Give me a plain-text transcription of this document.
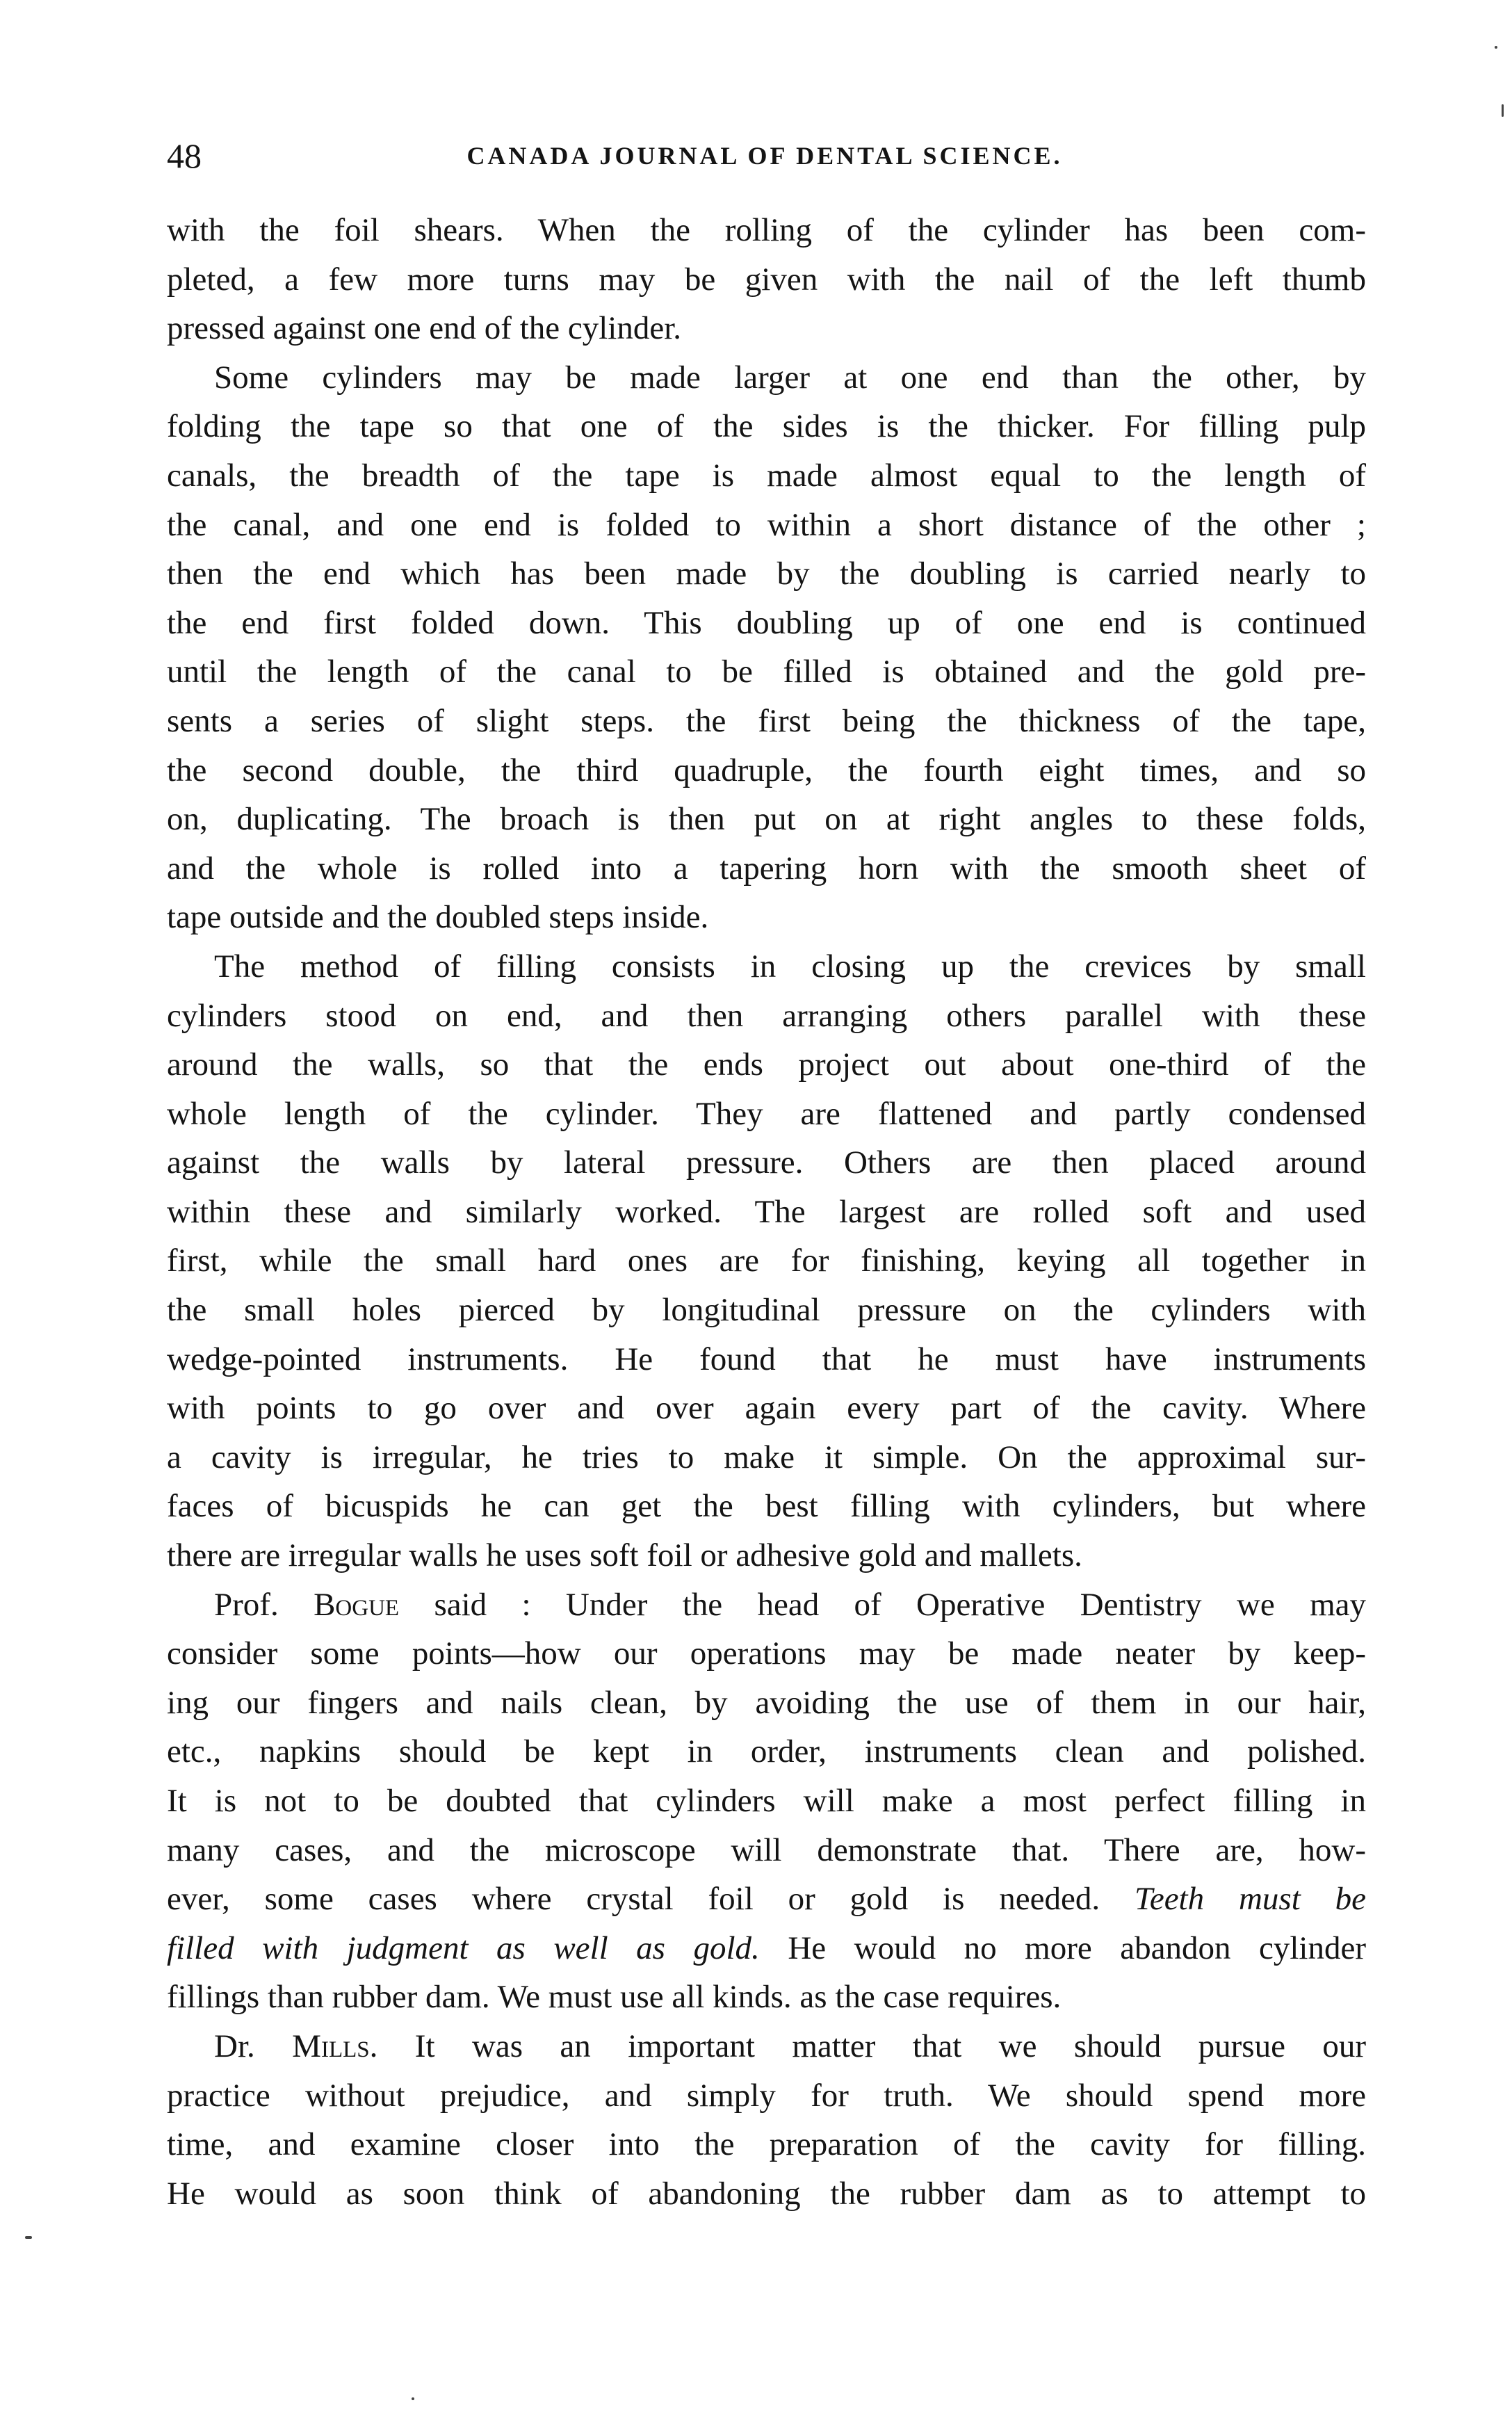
48	CANADA JOURNAL OF DENTAL SCIENCE.
with the foil shears. When the rolling of the cylinder has been com-
pleted, a few more turns may be given with the nail of the left thumb
pressed against one end of the cylinder.
Some cylinders may be made larger at one end than the other, by
folding the tape so that one of the sides is the thicker. For filling pulp
canals, the breadth of the tape is made almost equal to the length of
the canal, and one end is folded to within a short distance of the other ;
then the end which has been made by the doubling is carried nearly to
the end first folded down. This doubling up of one end is continued
until the length of the canal to be filled is obtained and the gold pre-
sents a series of slight steps. the first being the thickness of the tape,
the second double, the third quadruple, the fourth eight times, and so
on, duplicating. The broach is then put on at right angles to these folds,
and the whole is rolled into a tapering horn with the smooth sheet of
tape outside and the doubled steps inside.
The method of filling consists in closing up the crevices by small
cylinders stood on end, and then arranging others parallel with these
around the walls, so that the ends project out about one-third of the
whole length of the cylinder. They are flattened and partly condensed
against the walls by lateral pressure. Others are then placed around
within these and similarly worked. The largest are rolled soft and used
first, while the small hard ones are for finishing, keying all together in
the small holes pierced by longitudinal pressure on the cylinders with
wedge-pointed instruments. He found that he must have instruments
with points to go over and over again every part of the cavity. Where
a cavity is irregular, he tries to make it simple. On the approximal sur-
faces of bicuspids he can get the best filling with cylinders, but where
there are irregular walls he uses soft foil or adhesive gold and mallets.
Prof. Bogue said : Under the head of Operative Dentistry we may
consider some points—how our operations may be made neater by keep-
ing our fingers and nails clean, by avoiding the use of them in our hair,
etc., napkins should be kept in order, instruments clean and polished.
It is not to be doubted that cylinders will make a most perfect filling in
many cases, and the microscope will demonstrate that. There are, how-
ever, some cases where crystal foil or gold is needed. Teeth must be
filled with judgment as well as gold. He would no more abandon cylinder
fillings than rubber dam. We must use all kinds. as the case requires.
Dr. Mills. It was an important matter that we should pursue our
practice without prejudice, and simply for truth. We should spend more
time, and examine closer into the preparation of the cavity for filling.
He would as soon think of abandoning the rubber dam as to attempt to
